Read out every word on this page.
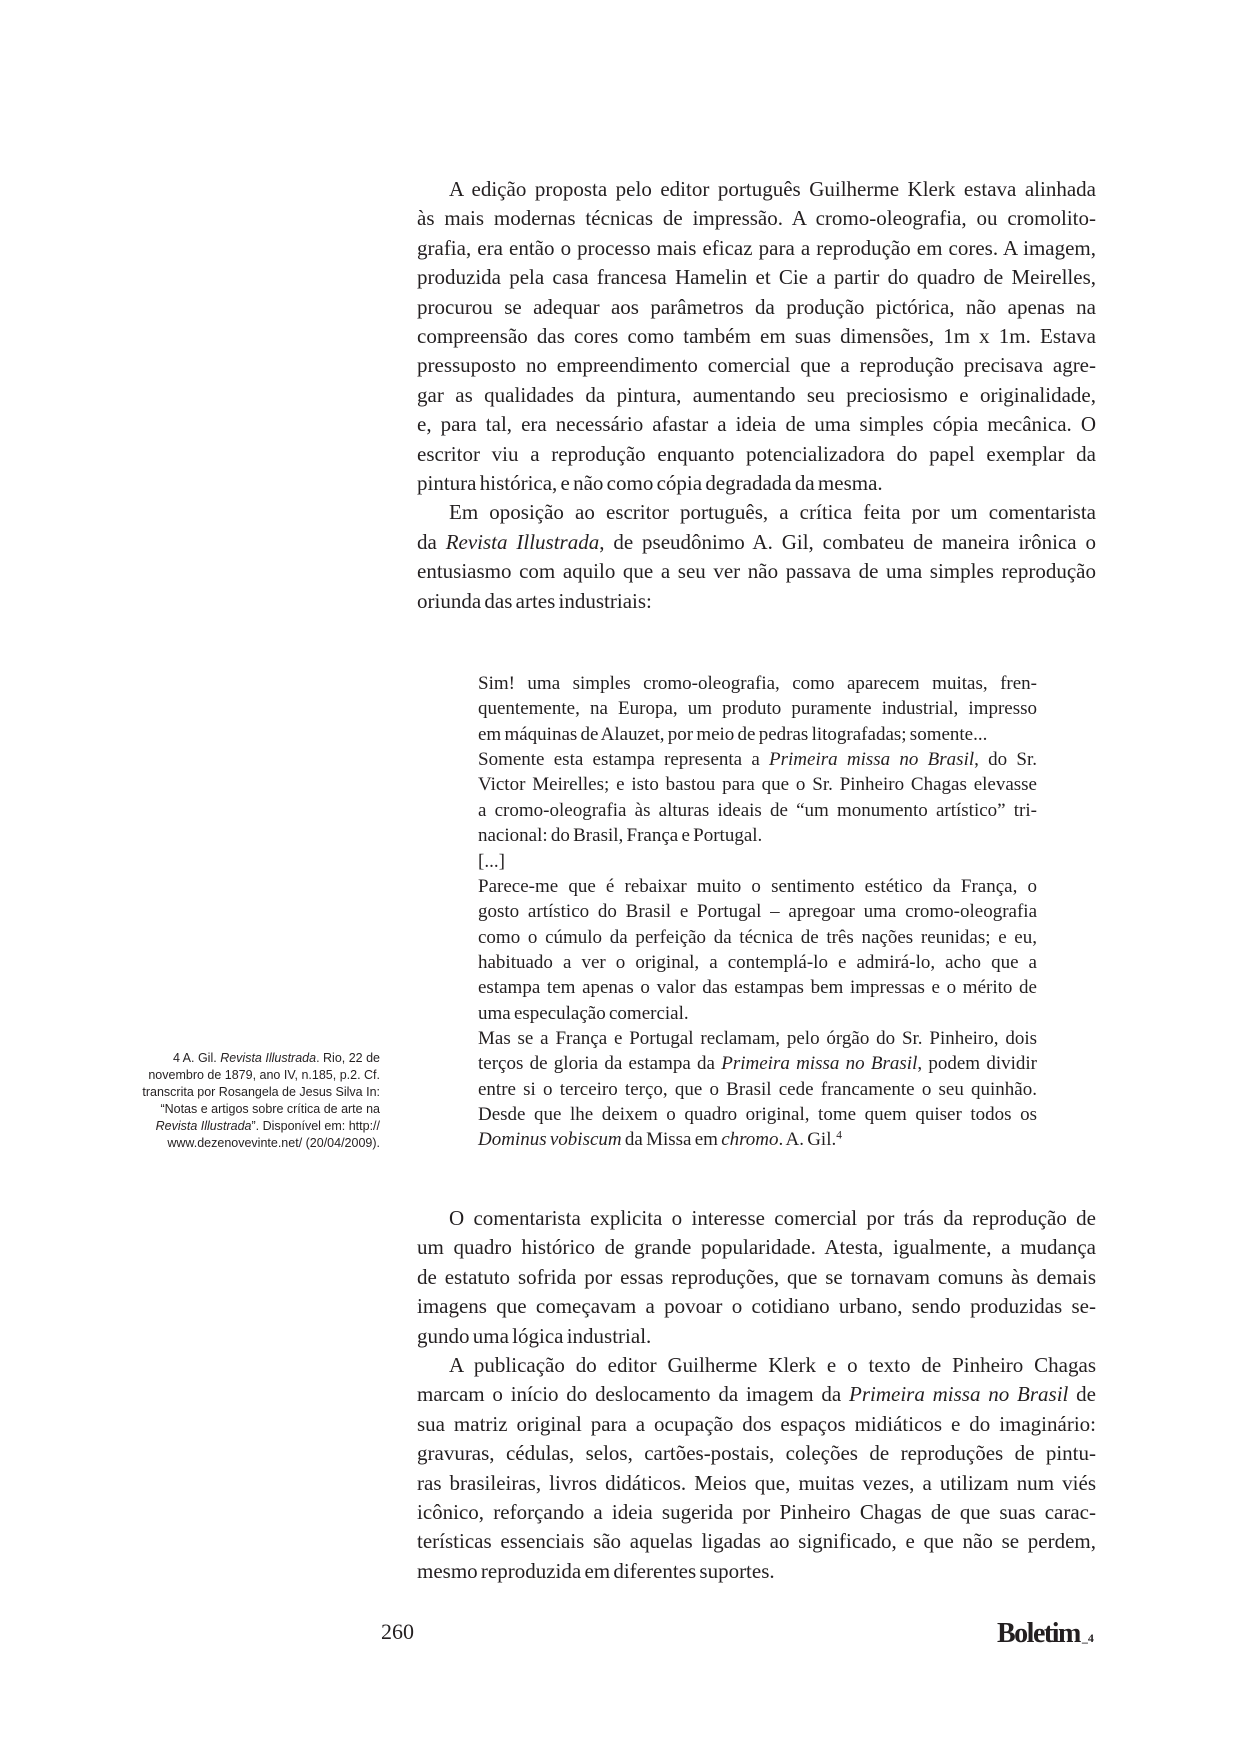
A edição proposta pelo editor português Guilherme Klerk estava alinhada
às mais modernas técnicas de impressão. A cromo-oleografia, ou cromolito-
grafia, era então o processo mais eficaz para a reprodução em cores. A imagem,
produzida pela casa francesa Hamelin et Cie a partir do quadro de Meirelles,
procurou se adequar aos parâmetros da produção pictórica, não apenas na
compreensão das cores como também em suas dimensões, 1m x 1m. Estava
pressuposto no empreendimento comercial que a reprodução precisava agre-
gar as qualidades da pintura, aumentando seu preciosismo e originalidade,
e, para tal, era necessário afastar a ideia de uma simples cópia mecânica. O
escritor viu a reprodução enquanto potencializadora do papel exemplar da
pintura histórica, e não como cópia degradada da mesma.
Em oposição ao escritor português, a crítica feita por um comentarista
da Revista Illustrada, de pseudônimo A. Gil, combateu de maneira irônica o
entusiasmo com aquilo que a seu ver não passava de uma simples reprodução
oriunda das artes industriais:
Sim! uma simples cromo-oleografia, como aparecem muitas, fren-
quentemente, na Europa, um produto puramente industrial, impresso
em máquinas de Alauzet, por meio de pedras litografadas; somente...
Somente esta estampa representa a Primeira missa no Brasil, do Sr.
Victor Meirelles; e isto bastou para que o Sr. Pinheiro Chagas elevasse
a cromo-oleografia às alturas ideais de “um monumento artístico” tri-
nacional: do Brasil, França e Portugal.
[...]
Parece-me que é rebaixar muito o sentimento estético da França, o
gosto artístico do Brasil e Portugal – apregoar uma cromo-oleografia
como o cúmulo da perfeição da técnica de três nações reunidas; e eu,
habituado a ver o original, a contemplá-lo e admirá-lo, acho que a
estampa tem apenas o valor das estampas bem impressas e o mérito de
uma especulação comercial.
Mas se a França e Portugal reclamam, pelo órgão do Sr. Pinheiro, dois
terços de gloria da estampa da Primeira missa no Brasil, podem dividir
entre si o terceiro terço, que o Brasil cede francamente o seu quinhão.
Desde que lhe deixem o quadro original, tome quem quiser todos os
Dominus vobiscum da Missa em chromo. A. Gil.$^4$
4 A. Gil. Revista Illustrada. Rio, 22 de
novembro de 1879, ano IV, n.185, p.2. Cf.
transcrita por Rosangela de Jesus Silva In:
“Notas e artigos sobre crítica de arte na
Revista Illustrada”. Disponível em: http://
www.dezenovevinte.net/ (20/04/2009).
O comentarista explicita o interesse comercial por trás da reprodução de
um quadro histórico de grande popularidade. Atesta, igualmente, a mudança
de estatuto sofrida por essas reproduções, que se tornavam comuns às demais
imagens que começavam a povoar o cotidiano urbano, sendo produzidas se-
gundo uma lógica industrial.
A publicação do editor Guilherme Klerk e o texto de Pinheiro Chagas
marcam o início do deslocamento da imagem da Primeira missa no Brasil de
sua matriz original para a ocupação dos espaços midiáticos e do imaginário:
gravuras, cédulas, selos, cartões-postais, coleções de reproduções de pintu-
ras brasileiras, livros didáticos. Meios que, muitas vezes, a utilizam num viés
icônico, reforçando a ideia sugerida por Pinheiro Chagas de que suas carac-
terísticas essenciais são aquelas ligadas ao significado, e que não se perdem,
mesmo reproduzida em diferentes suportes.
260	Boletim _4
